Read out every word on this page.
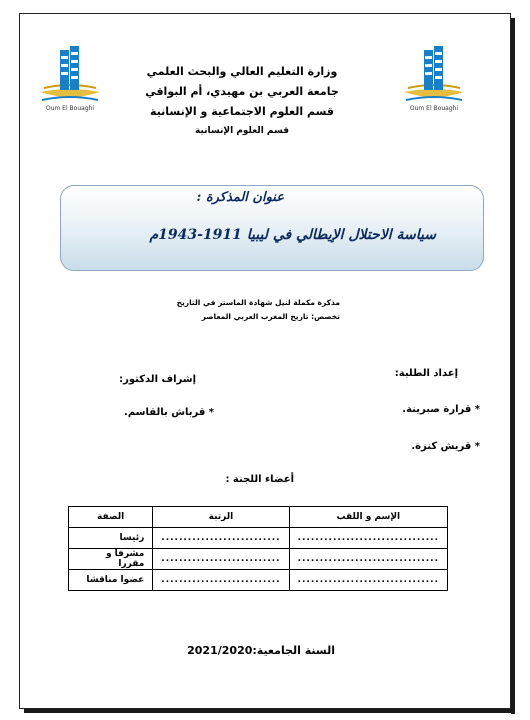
Oum El Bouaghi	Oum El Bouaghi
وزارة التعليم العالي والبحث العلمي
جامعة العربي بن مهيدي، أم البواقي
قسم العلوم الاجتماعية و الإنسانية
قسم العلوم الإنسانية
عنوان المذكرة :
سياسة الاحتلال الإيطالي في ليبيا 1911-1943م
مذكرة مكملة لنيل شهادة الماستر في التاريخ
تخصص: تاريخ المغرب العربي المعاصر
إعداد الطلبة:
* قرارة صبرينة.
* قريش كنزة.
إشراف الدكتور:
* قرباش بالقاسم.
أعضاء اللجنة :
الإسم و اللقب	الرتبة	الصفة
................................	...........................	رئيسا
................................	...........................	مشرفا و مقررا
................................	...........................	عضوا مناقشا
السنة الجامعية:2021/2020
